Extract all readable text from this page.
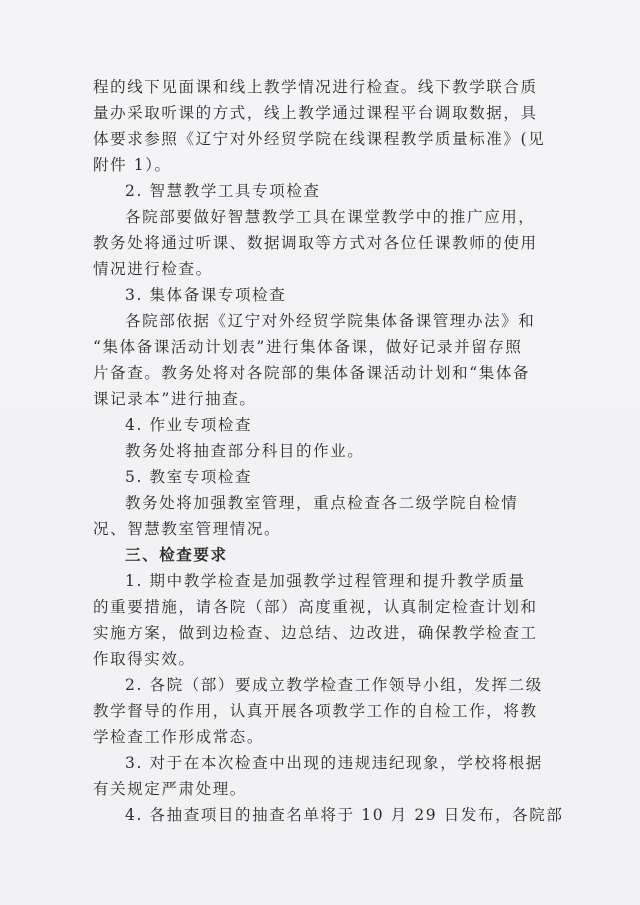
程的线下见面课和线上教学情况进行检查。线下教学联合质

量办采取听课的方式，线上教学通过课程平台调取数据，具

体要求参照《辽宁对外经贸学院在线课程教学质量标准》(见

附件 1）。

2. 智慧教学工具专项检查

各院部要做好智慧教学工具在课堂教学中的推广应用，

教务处将通过听课、数据调取等方式对各位任课教师的使用

情况进行检查。

3. 集体备课专项检查

各院部依据《辽宁对外经贸学院集体备课管理办法》和

“集体备课活动计划表”进行集体备课，做好记录并留存照

片备查。教务处将对各院部的集体备课活动计划和“集体备

课记录本”进行抽查。

4. 作业专项检查

教务处将抽查部分科目的作业。

5. 教室专项检查

教务处将加强教室管理，重点检查各二级学院自检情

况、智慧教室管理情况。

三、检查要求

1. 期中教学检查是加强教学过程管理和提升教学质量

的重要措施，请各院（部）高度重视，认真制定检查计划和

实施方案，做到边检查、边总结、边改进，确保教学检查工

作取得实效。

2. 各院（部）要成立教学检查工作领导小组，发挥二级

教学督导的作用，认真开展各项教学工作的自检工作，将教

学检查工作形成常态。

3. 对于在本次检查中出现的违规违纪现象，学校将根据

有关规定严肃处理。

4. 各抽查项目的抽查名单将于 10 月 29 日发布，各院部
